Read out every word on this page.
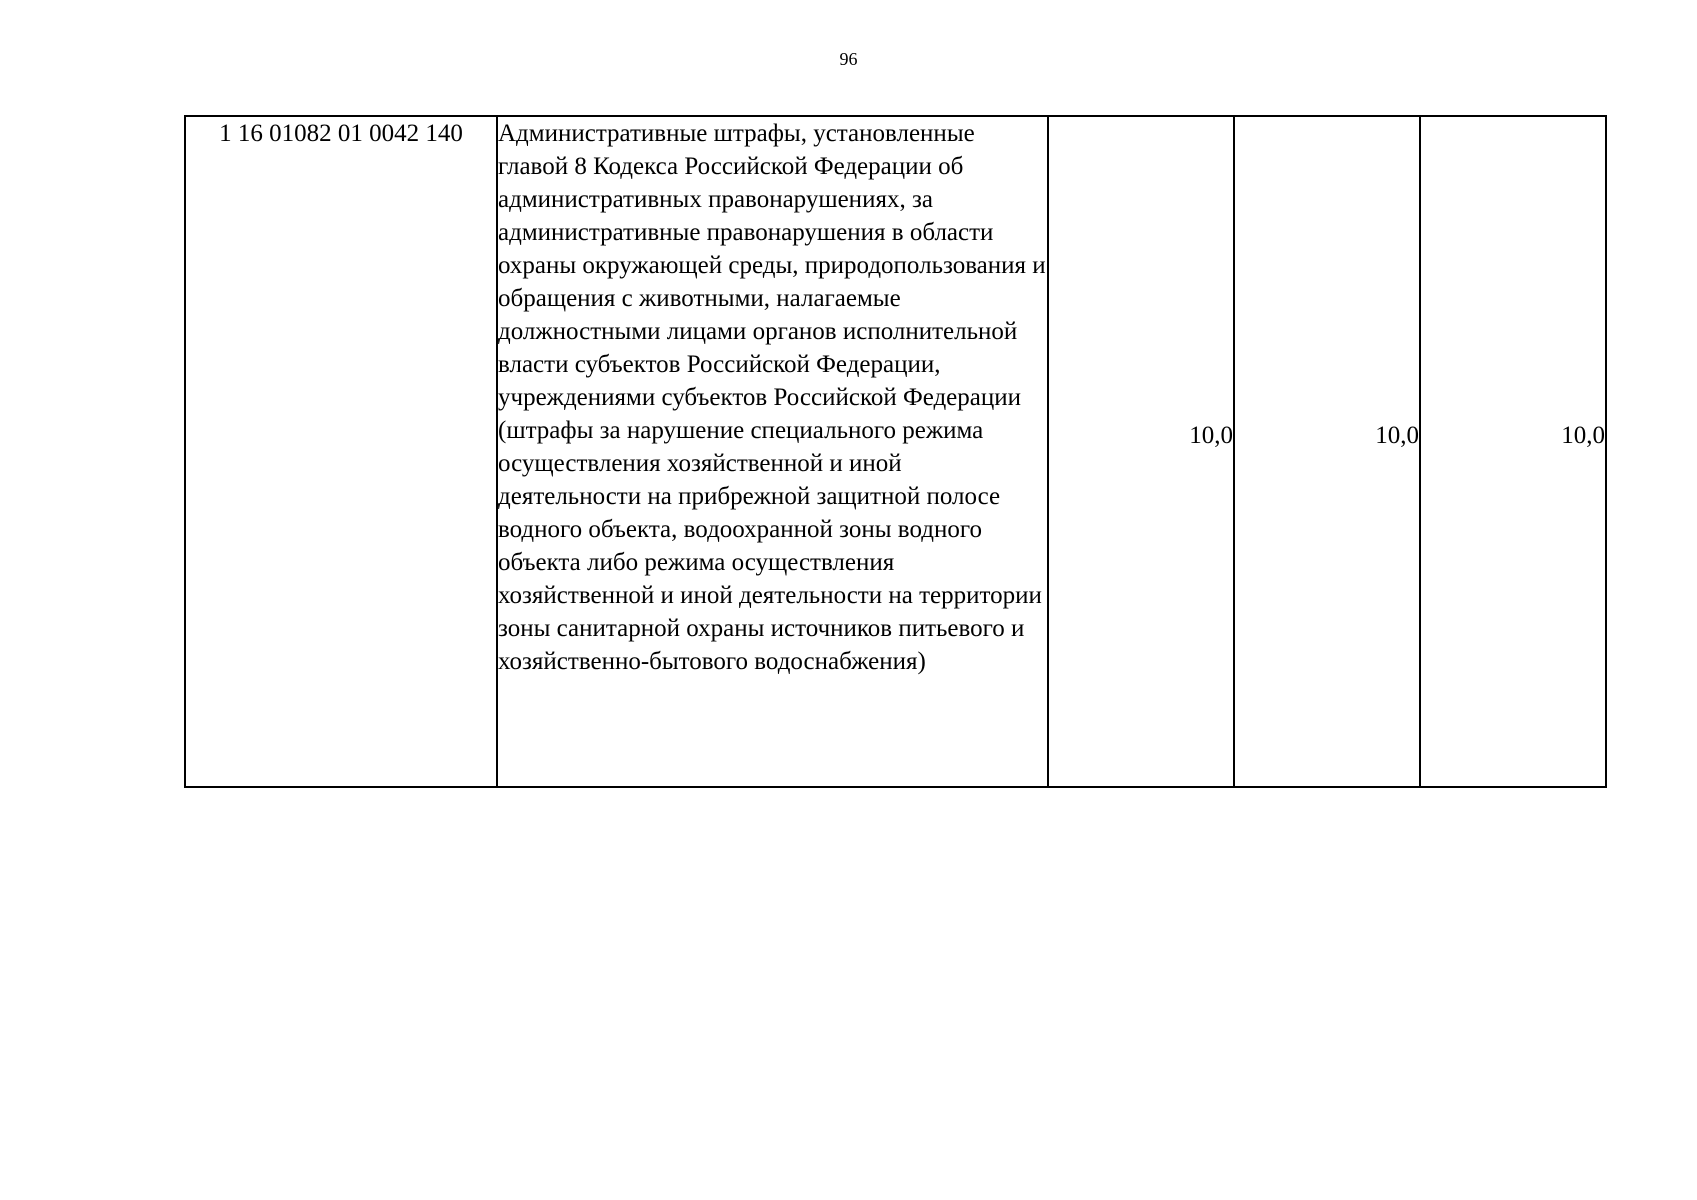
96
1 16 01082 01 0042 140	Административные штрафы, установленные главой 8 Кодекса Российской Федерации об административных правонарушениях, за административные правонарушения в области охраны окружающей среды, природопользования и обращения с животными, налагаемые должностными лицами органов исполнительной власти субъектов Российской Федерации, учреждениями субъектов Российской Федерации (штрафы за нарушение специального режима осуществления хозяйственной и иной деятельности на прибрежной защитной полосе водного объекта, водоохранной зоны водного объекта либо режима осуществления хозяйственной и иной деятельности на территории зоны санитарной охраны источников питьевого и хозяйственно-бытового водоснабжения)	10,0	10,0	10,0
